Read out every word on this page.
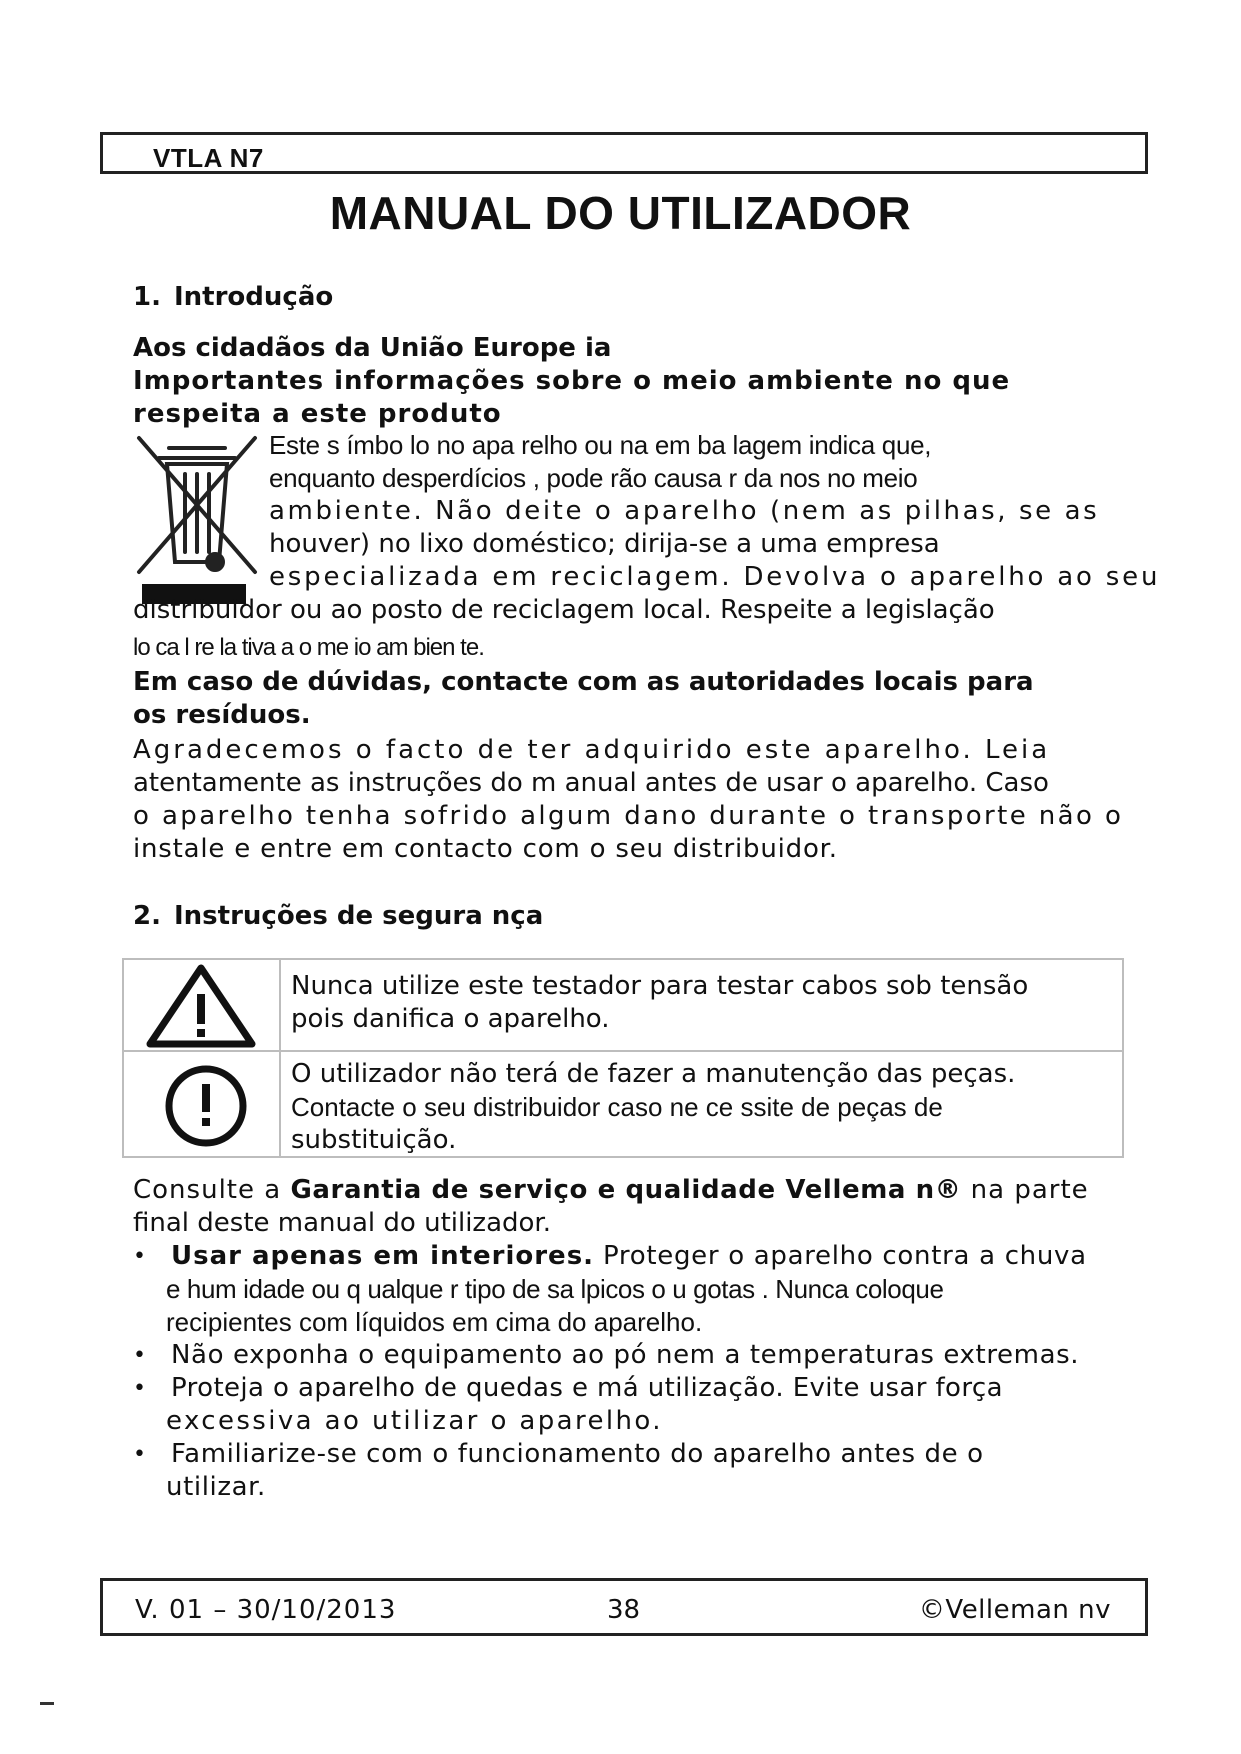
VTLA N7
MANUAL DO UTILIZADOR
1. Introdução
Aos cidadãos da União Europe ia
Importantes informações sobre o meio ambiente no que
respeita a este produto
Este s ímbo lo no apa relho ou na em ba lagem indica que,
enquanto desperdícios , pode rão causa r da nos no meio
ambiente. Não deite o aparelho (nem as pilhas, se as
houver) no lixo doméstico; dirija-se a uma empresa
especializada em reciclagem. Devolva o aparelho ao seu
distribuidor ou ao posto de reciclagem local. Respeite a legislação
lo ca l re la tiva a o me io am bien te.
Em caso de dúvidas, contacte com as autoridades locais para
os resíduos.
Agradecemos o facto de ter adquirido este aparelho. Leia
atentamente as instruções do m anual antes de usar o aparelho. Caso
o aparelho tenha sofrido algum dano durante o transporte não o
instale e entre em contacto com o seu distribuidor.
2. Instruções de segura nça
Nunca utilize este testador para testar cabos sob tensão
pois danifica o aparelho.
O utilizador não terá de fazer a manutenção das peças.
Contacte o seu distribuidor caso ne ce ssite de peças de
substituição.
Consulte a Garantia de serviço e qualidade Vellema n® na parte
final deste manual do utilizador.
• Usar apenas em interiores. Proteger o aparelho contra a chuva
e hum idade ou q ualque r tipo de sa lpicos o u gotas . Nunca coloque
recipientes com líquidos em cima do aparelho.
• Não exponha o equipamento ao pó nem a temperaturas extremas.
• Proteja o aparelho de quedas e má utilização. Evite usar força
excessiva ao utilizar o aparelho.
• Familiarize-se com o funcionamento do aparelho antes de o
utilizar.
V. 01 – 30/10/2013	38	©Velleman nv
